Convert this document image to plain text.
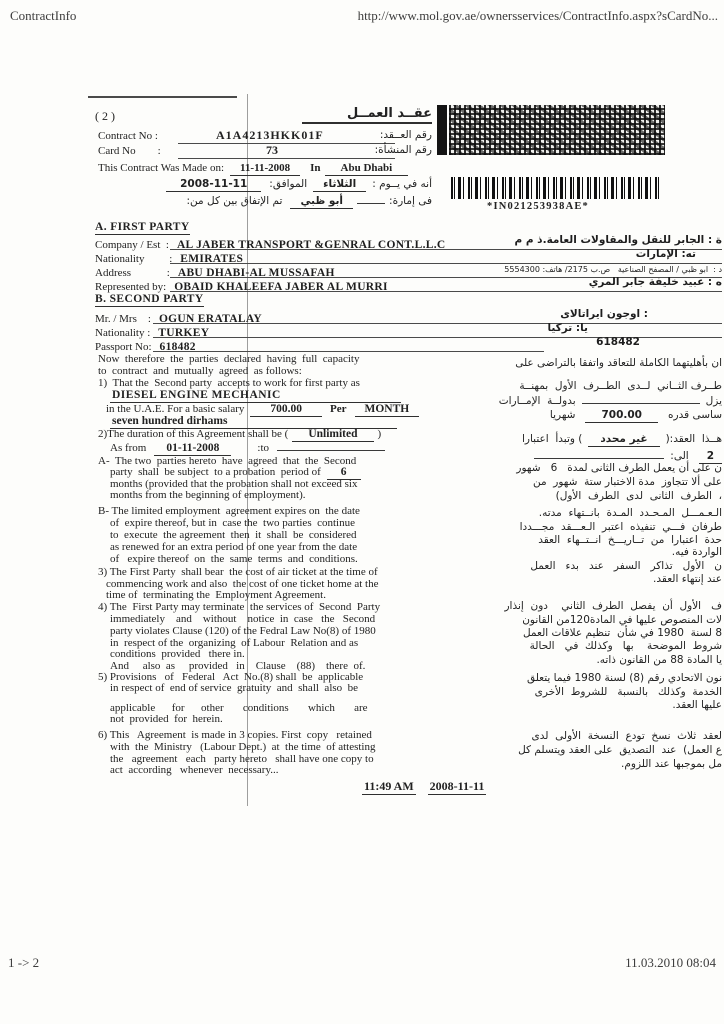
ContractInfo	http://www.mol.gov.ae/ownersservices/ContractInfo.aspx?sCardNo...
( 2 )	عقــد العمــل
*IN021253938AE*
Contract No :	A1A4213HKK01F	رقم العــقد:
Card No        :	73	رقم المنشأة:
This Contract Was Made on: 11-11-2008 In Abu Dhabi
أنه في يــوم :الثلاثاءالموافق:11-11-2008
فى إمارة:أبو ظبيتم الإتفاق بين كل من:
A. FIRST PARTY
Company / Est  : AL JABER TRANSPORT &GENRAL CONT.L.L.C	ة : الجابر للنقل والمقاولات العامة.ذ م م
Nationality         : EMIRATES	ته: الإمارات
Address             : ABU DHABI-AL MUSSAFAH	د :  ابو ظبي / المصفح الصناعية   ص.ب 2175/ هاتف: 5554300
Represented by: OBAID KHALEEFA JABER AL MURRI	ه : عبيد خليفة جابر المري
B. SECOND PARTY
Mr. / Mrs    : OGUN ERATALAY	: اوجون ايراتالاى
Nationality : TURKEY	يا: تركيا
Passport No: 618482	618482
Now  therefore  the  parties  declared  having  full  capacity
to  contract  and  mutually  agreed  as follows:
ان بأهليتهما الكاملة للتعاقد واتفقا بالتراضى على
1)  That the  Second party  accepts to work for first party as
DIESEL ENGINE MECHANIC
in the U.A.E. For a basic salary 700.00	Per MONTH
seven hundred dirhams
2)The duration of this Agreement shall be ( Unlimited )
As from 01-11-2008	:to
A-  The two  parties hereto  have  agreed  that  the  Second
party  shall  be subject  to a probation  period of 6
months (provided that the probation shall not exceed six
months from the beginning of employment).
B- The limited employment  agreement expires on  the date
of  expire thereof, but in  case the  two parties  continue
to  execute  the agreement  then  it  shall  be  considered
as renewed for an extra period of one year from the date
of   expire thereof  on  the  same  terms  and  conditions.
3) The First Party  shall bear  the cost of air ticket at the time of
commencing work and also  the cost of one ticket home at the
time of  terminating the  Employment Agreement.
4) The  First Party may terminate  the services of  Second  Party
immediately    and    without    notice  in  case   the   Second
party violates Clause (120) of the Fedral Law No(8) of 1980
in  respect of the  organizing  of Labour  Relation and as
conditions  provided   there in.
And     also  as     provided   in    Clause    (88)    there  of.
5) Provisions   of   Federal   Act  No.(8) shall  be  applicable
in respect of  end of service  gratuity  and  shall  also  be
applicable      for      other       conditions       which       are
not  provided  for  herein.
6) This   Agreement  is made in 3 copies. First  copy   retained
with  the  Ministry   (Labour Dept.)  at  the time  of attesting
the   agreement   each   party hereto   shall have one copy to
act  according   whenever  necessary...
11:49 AM 2008-11-11
طــرف الثــاني  لــدى  الطــرف  الأول  بمهنــة
يزلبدولــة  الإمــارات
ساسى قدره700.00شهريا
هــذا  العقد:(غير محدد) وتبدأ  اعتبارا
2الى:
ن على أن يعمل الطرف الثانى لمدة   6   شهور
على ألا تتجاوز  مدة الاختبار ستة  شهور  من
،  الطرف  الثانى  لدى  الطرف  الأول)
الـعـمـــل  المـحـدد  المـدة  بانــتهاء  مدته.
طرفان  فـــي  تنفيذه  اعتبر  الـعـــقد  مجـــددا
حدة  اعتبارا  من  تــاريـــخ  انــتــهاء  العقد
الواردة فيه.
ن   الأول   تذاكر   السفر   عند   بدء   العمل
عند إنتهاء العقد.
ف   الأول  أن  يفصل  الطرف  الثاني    دون  إنذار
لات المنصوص عليها في المادة120من القانون
8 لسنة  1980 في شأن  تنظيم علاقات العمل
شروط  الموضحة    بها   وكذلك  في   الحالة
يا المادة 88 من القانون ذاته.
نون الاتحادي رقم (8) لسنة 1980 فيما يتعلق
الخدمة  وكذلك   بالنسبة   للشروط  الأخرى
عليها العقد.
لعقد  ثلاث  نسخ  تودع  النسخة  الأولى  لدى
ع العمل)  عند  التصديق  على العقد ويتسلم كل
مل بموجبها عند اللزوم.
1 -> 2	11.03.2010 08:04
